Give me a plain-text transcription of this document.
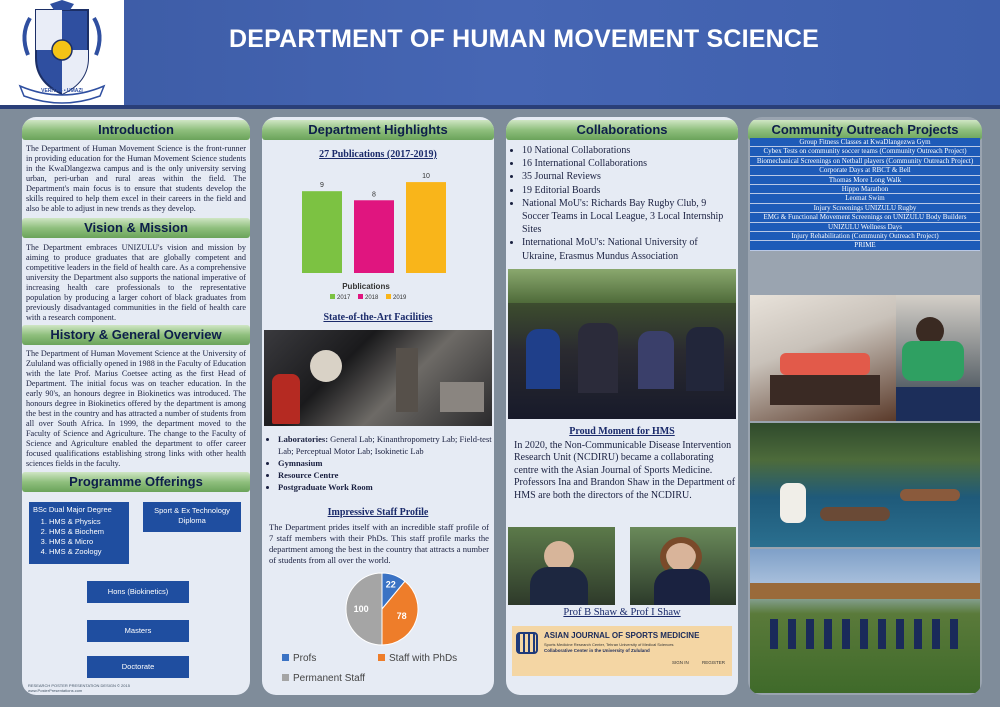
VERITAS • UMAZI
DEPARTMENT OF HUMAN MOVEMENT SCIENCE
Introduction
The Department of Human Movement Science is the front-runner in providing education for the Human Movement Science students in the KwaDlangezwa campus and is the only university serving urban, peri-urban and rural areas within the field. The Department's main focus is to ensure that students develop the skills required to help them excel in their careers in the field and also be able to adjust in new trends as they develop.
Vision & Mission
The Department embraces UNIZULU's vision and mission by aiming to produce graduates that are globally competent and competitive leaders in the field of health care. As a comprehensive university the Department also supports the national imperative of increasing health care professionals to the representative population by producing a larger cohort of black graduates from previously disadvantaged communities in the field of health care with a research component.
History & General Overview
The Department of Human Movement Science at the University of Zululand was officially opened in 1988 in the Faculty of Education with the late Prof. Marius Coetsee acting as the first Head of Department. The initial focus was on teacher education. In the early 90's, an honours degree in Biokinetics was introduced. The honours degree in Biokinetics offered by the department is among the best in the country and has attracted a number of students from all over South Africa. In 1999, the department moved to the Faculty of Science and Agriculture. The change to the Faculty of Science and Agriculture enabled the department to offer career focused qualifications establishing strong links with other health sciences fields in the faculty.
Programme Offerings
BSc Dual Major Degree
1. HMS & Physics
2. HMS & Biochem
3. HMS & Micro
4. HMS & Zoology
Sport & Ex Technology Diploma
Hons (Biokinetics)
Masters
Doctorate
RESEARCH POSTER PRESENTATION DESIGN © 2015
www.PosterPresentations.com
Department Highlights
27 Publications (2017-2019)
9
8
10
Publications
2017 2018 2019
State-of-the-Art Facilities
• Laboratories: General Lab; Kinanthropometry Lab; Field-test Lab; Perceptual Motor Lab; Isokinetic Lab
• Gymnasium
• Resource Centre
• Postgraduate Work Room
Impressive Staff Profile
The Department prides itself with an incredible staff profile of 7 staff members with their PhDs. This staff profile marks the department among the best in the country that attracts a number of students from all over the world.
22
78
100
Profs	Staff with PhDs
Permanent Staff
Collaborations
• 10 National Collaborations
• 16 International Collaborations
• 35 Journal Reviews
• 19 Editorial Boards
• National MoU's: Richards Bay Rugby Club, 9 Soccer Teams in Local League, 3 Local Internship Sites
• International MoU's: National University of Ukraine, Erasmus Mundus Association
Proud Moment for HMS
In 2020, the Non-Communicable Disease Intervention Research Unit (NCDIRU) became a collaborating centre with the Asian Journal of Sports Medicine. Professors Ina and Brandon Shaw in the Department of HMS are both the directors of the NCDIRU.
Prof B Shaw & Prof I Shaw
ASIAN JOURNAL OF SPORTS MEDICINE
Sports Medicine Research Center, Tehran University of Medical Sciences
Collaborative Center in the University of Zululand
SIGN IN	REGISTER
Community Outreach Projects
Group Fitness Classes at KwaDlangezwa Gym
Cybex Tests on community soccer teams (Community Outreach Project)
Biomechanical Screenings on Netball players (Community Outreach Project)
Corporate Days at RBCT & Bell
Thomas More Long Walk
Hippo Marathon
Leomat Swim
Injury Screenings UNIZULU Rugby
EMG & Functional Movement Screenings on UNIZULU Body Builders
UNIZULU Wellness Days
Injury Rehabilitation (Community Outreach Project)
PRIME
